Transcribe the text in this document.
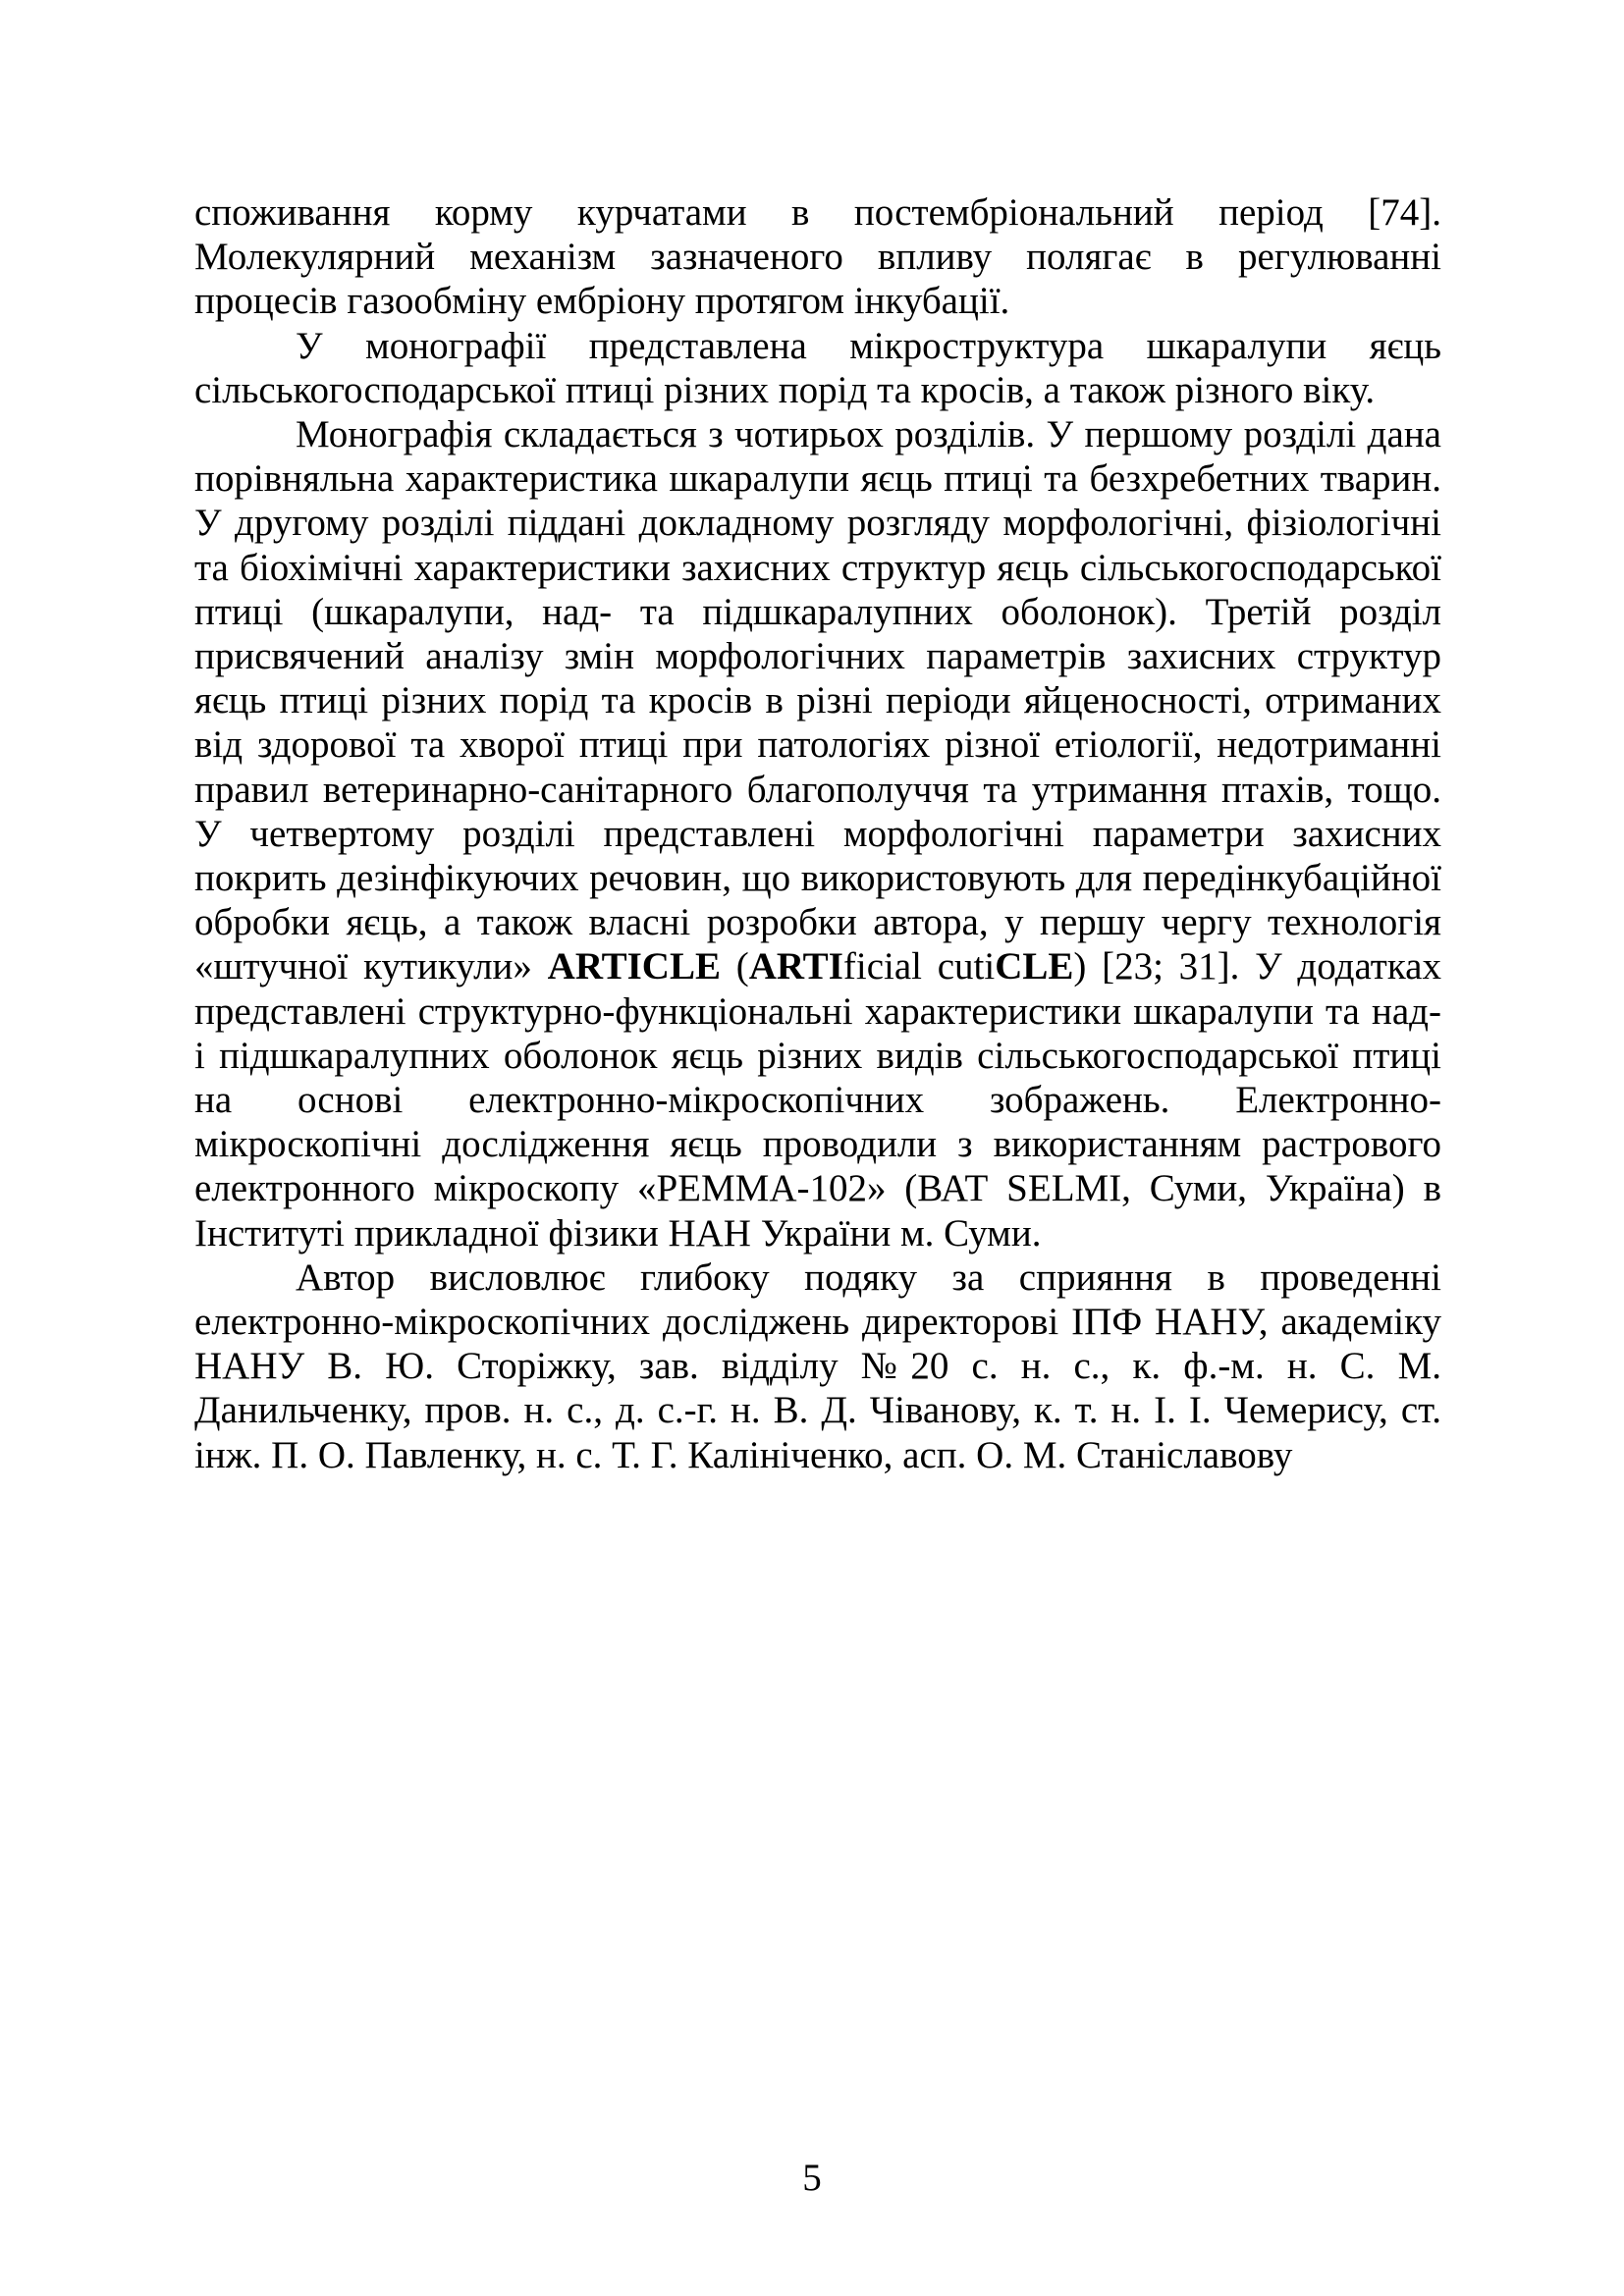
споживання корму курчатами в постембріональний період [74]. Молекулярний механізм зазначеного впливу полягає в регулюванні процесів газообміну ембріону протягом інкубації.

У монографії представлена мікроструктура шкаралупи яєць сільськогосподарської птиці різних порід та кросів, а також різного віку.

Монографія складається з чотирьох розділів. У першому розділі дана порівняльна характеристика шкаралупи яєць птиці та безхребетних тварин. У другому розділі піддані докладному розгляду морфологічні, фізіологічні та біохімічні характеристики захисних структур яєць сільськогосподарської птиці (шкаралупи, над- та підшкаралупних оболонок). Третій розділ присвячений аналізу змін морфологічних параметрів захисних структур яєць птиці різних порід та кросів в різні періоди яйценосності, отриманих від здорової та хворої птиці при патологіях різної етіології, недотриманні правил ветеринарно-санітарного благополуччя та утримання птахів, тощо. У четвертому розділі представлені морфологічні параметри захисних покрить дезінфікуючих речовин, що використовують для передінкубаційної обробки яєць, а також власні розробки автора, у першу чергу технологія «штучної кутикули» ARTICLE (ARTIficial cutiCLE) [23; 31]. У додатках представлені структурно-функціональні характеристики шкаралупи та над- і підшкаралупних оболонок яєць різних видів сільськогосподарської птиці на основі електронно-мікроскопічних зображень. Електронно-мікроскопічні дослідження яєць проводили з використанням растрового електронного мікроскопу «РЕММА-102» (ВАТ SELMI, Суми, Україна) в Інституті прикладної фізики НАН України м. Суми.

Автор висловлює глибоку подяку за сприяння в проведенні електронно-мікроскопічних досліджень директорові ІПФ НАНУ, академіку НАНУ В. Ю. Сторіжку, зав. відділу №20 с. н. с., к. ф.-м. н. С. М. Данильченку, пров. н. с., д. с.-г. н. В. Д. Чіванову, к. т. н. І. І. Чемерису, ст. інж. П. О. Павленку, н. с. Т. Г. Калініченко, асп. О. М. Станіславову

5
